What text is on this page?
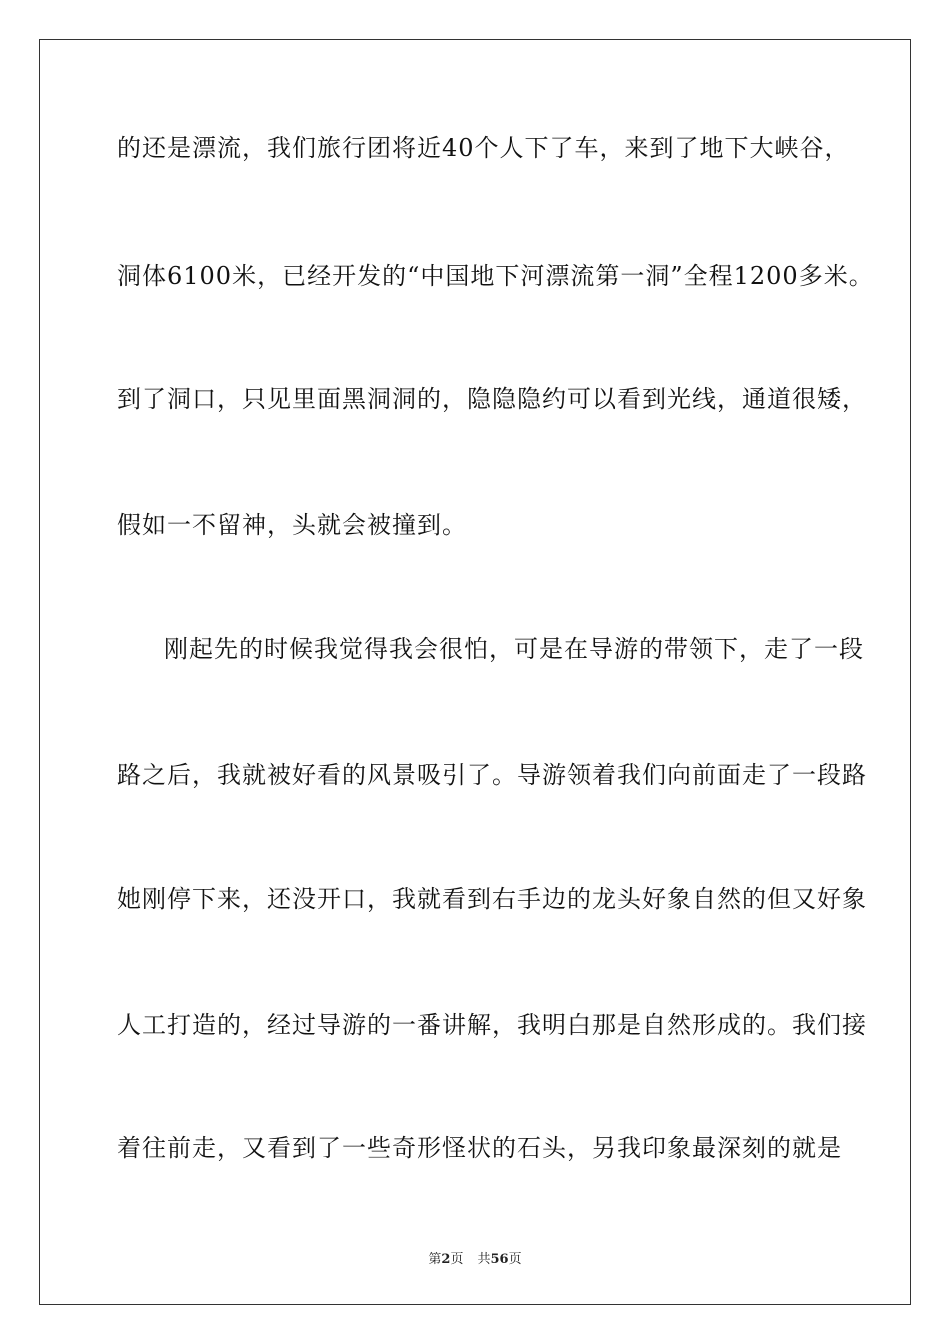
的还是漂流，我们旅行团将近40个人下了车，来到了地下大峡谷，
洞体6100米，已经开发的“中国地下河漂流第一洞”全程1200多米。
到了洞口，只见里面黑洞洞的，隐隐隐约可以看到光线，通道很矮，
假如一不留神，头就会被撞到。
刚起先的时候我觉得我会很怕，可是在导游的带领下，走了一段
路之后，我就被好看的风景吸引了。导游领着我们向前面走了一段路
她刚停下来，还没开口，我就看到右手边的龙头好象自然的但又好象
人工打造的，经过导游的一番讲解，我明白那是自然形成的。我们接
着往前走，又看到了一些奇形怪状的石头，另我印象最深刻的就是
第2页 共56页
